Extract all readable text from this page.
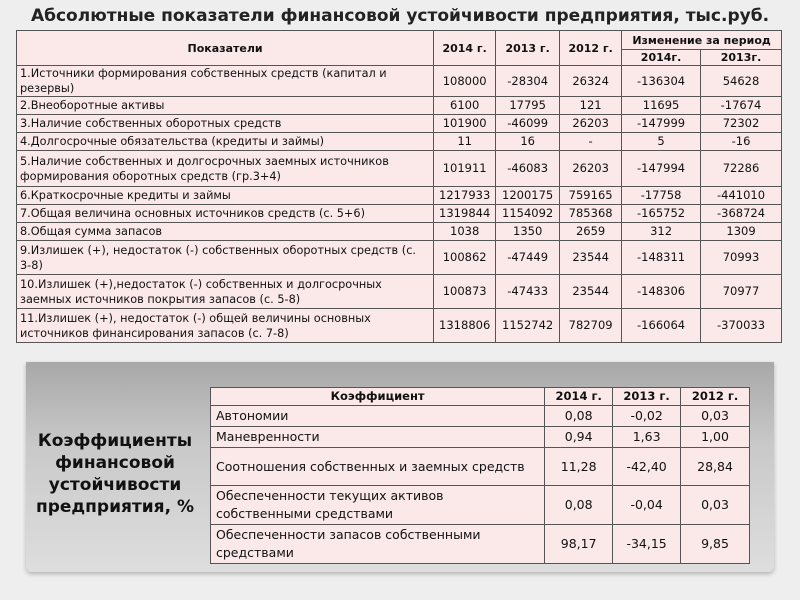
Абсолютные показатели финансовой устойчивости предприятия, тыс.руб.
Показатели	2014 г.	2013 г.	2012 г.	Изменение за период	
				2014г.	2013г.
1.Источники формирования собственных средств (капитал и резервы)	108000	-28304	26324	-136304	54628
2.Внеоборотные активы	6100	17795	121	11695	-17674
3.Наличие собственных оборотных средств	101900	-46099	26203	-147999	72302
4.Долгосрочные обязательства (кредиты и займы)	11	16	-	5	-16
5.Наличие собственных и долгосрочных заемных источников формирования оборотных средств (гр.3+4)	101911	-46083	26203	-147994	72286
6.Краткосрочные кредиты и займы	1217933	1200175	759165	-17758	-441010
7.Общая величина основных источников средств (с. 5+6)	1319844	1154092	785368	-165752	-368724
8.Общая сумма запасов	1038	1350	2659	312	1309
9.Излишек (+), недостаток (-) собственных оборотных средств (с. 3-8)	100862	-47449	23544	-148311	70993
10.Излишек (+),недостаток (-) собственных и долгосрочных заемных источников покрытия запасов (с. 5-8)	100873	-47433	23544	-148306	70977
11.Излишек (+), недостаток (-) общей величины основных источников финансирования запасов (с. 7-8)	1318806	1152742	782709	-166064	-370033
Коэффициенты финансовой устойчивости предприятия, %
Коэффициент	2014 г.	2013 г.	2012 г.
Автономии	0,08	-0,02	0,03
Маневренности	0,94	1,63	1,00
Соотношения собственных и заемных средств	11,28	-42,40	28,84
Обеспеченности текущих активов собственными средствами	0,08	-0,04	0,03
Обеспеченности запасов собственными средствами	98,17	-34,15	9,85
